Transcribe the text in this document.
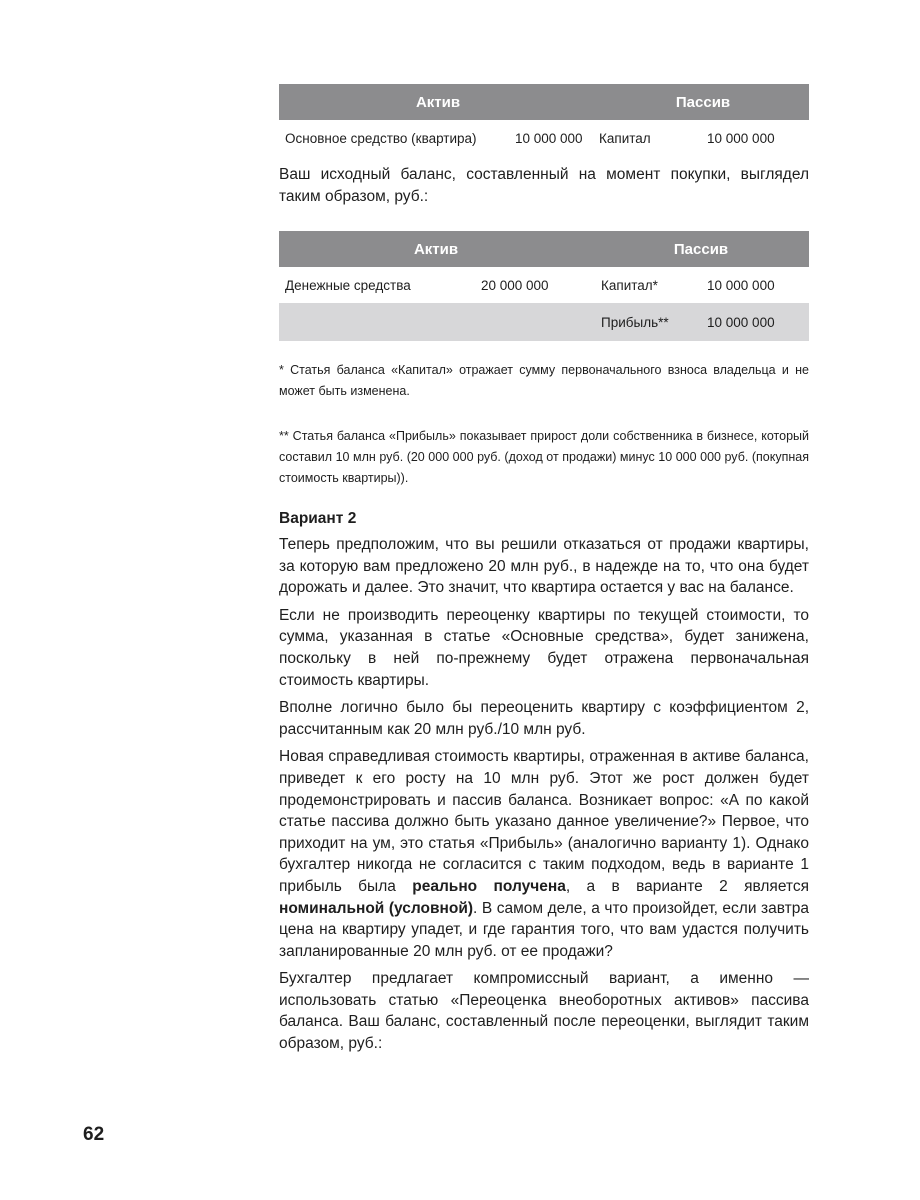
Актив		Пассив	
Основное средство (квартира)	10 000 000	Капитал	10 000 000

Ваш исходный баланс, составленный на момент покупки, выглядел таким образом, руб.:

Актив		Пассив	
Денежные средства	20 000 000	Капитал*	10 000 000
		Прибыль**	10 000 000

* Статья баланса «Капитал» отражает сумму первоначального взноса владельца и не может быть изменена.

** Статья баланса «Прибыль» показывает прирост доли собственника в бизнесе, который составил 10 млн руб. (20 000 000 руб. (доход от продажи) минус 10 000 000 руб. (покупная стоимость квартиры)).

Вариант 2

Теперь предположим, что вы решили отказаться от продажи квартиры, за которую вам предложено 20 млн руб., в надежде на то, что она будет дорожать и далее. Это значит, что квартира остается у вас на балансе.

Если не производить переоценку квартиры по текущей стоимости, то сумма, указанная в статье «Основные средства», будет занижена, поскольку в ней по-прежнему будет отражена первоначальная стоимость квартиры.

Вполне логично было бы переоценить квартиру с коэффициентом 2, рассчитанным как 20 млн руб./10 млн руб.

Новая справедливая стоимость квартиры, отраженная в активе баланса, приведет к его росту на 10 млн руб. Этот же рост должен будет продемонстрировать и пассив баланса. Возникает вопрос: «А по какой статье пассива должно быть указано данное увеличение?» Первое, что приходит на ум, это статья «Прибыль» (аналогично варианту 1). Однако бухгалтер никогда не согласится с таким подходом, ведь в варианте 1 прибыль была реально получена, а в варианте 2 является номинальной (условной). В самом деле, а что произойдет, если завтра цена на квартиру упадет, и где гарантия того, что вам удастся получить запланированные 20 млн руб. от ее продажи?

Бухгалтер предлагает компромиссный вариант, а именно — использовать статью «Переоценка внеоборотных активов» пассива баланса. Ваш баланс, составленный после переоценки, выглядит таким образом, руб.:

62
